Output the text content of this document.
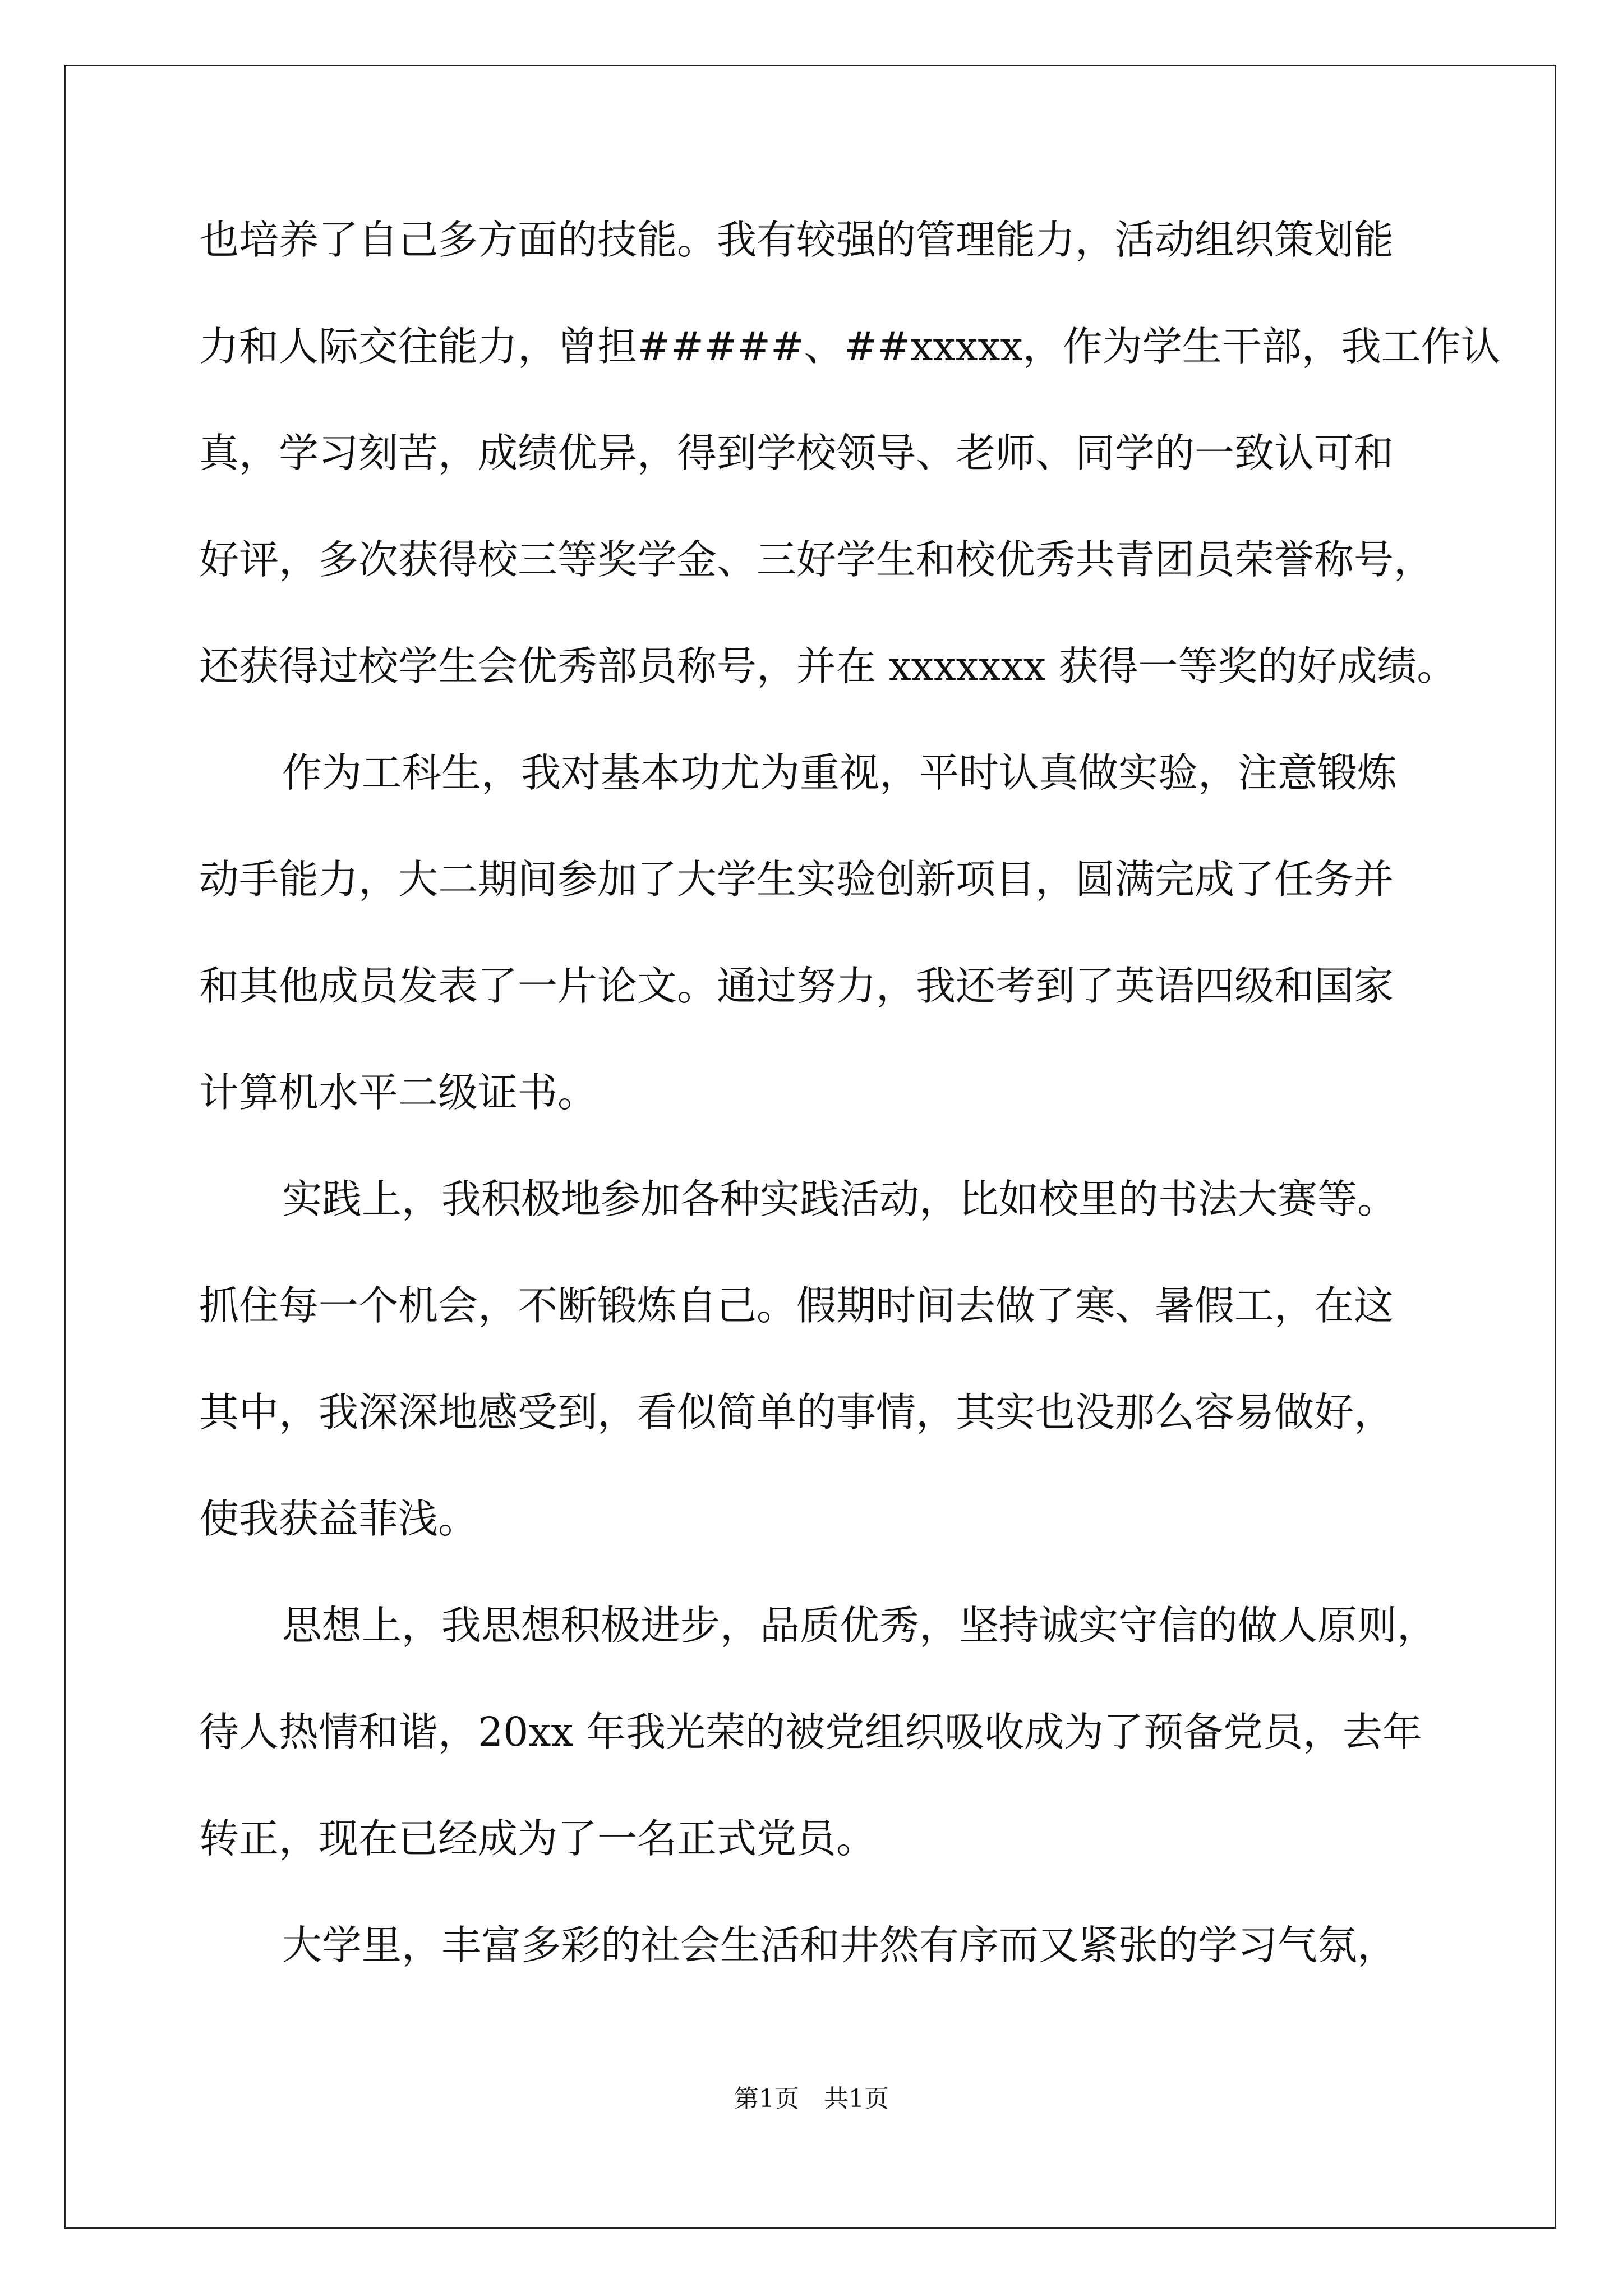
也培养了自己多方面的技能。我有较强的管理能力，活动组织策划能
力和人际交往能力，曾担#####、##xxxxx，作为学生干部，我工作认
真，学习刻苦，成绩优异，得到学校领导、老师、同学的一致认可和
好评，多次获得校三等奖学金、三好学生和校优秀共青团员荣誉称号，
还获得过校学生会优秀部员称号，并在 xxxxxxx 获得一等奖的好成绩。
作为工科生，我对基本功尤为重视，平时认真做实验，注意锻炼
动手能力，大二期间参加了大学生实验创新项目，圆满完成了任务并
和其他成员发表了一片论文。通过努力，我还考到了英语四级和国家
计算机水平二级证书。
实践上，我积极地参加各种实践活动，比如校里的书法大赛等。
抓住每一个机会，不断锻炼自己。假期时间去做了寒、暑假工，在这
其中，我深深地感受到，看似简单的事情，其实也没那么容易做好，
使我获益菲浅。
思想上，我思想积极进步，品质优秀，坚持诚实守信的做人原则，
待人热情和谐，20xx 年我光荣的被党组织吸收成为了预备党员，去年
转正，现在已经成为了一名正式党员。
大学里，丰富多彩的社会生活和井然有序而又紧张的学习气氛，
第1页　共1页
